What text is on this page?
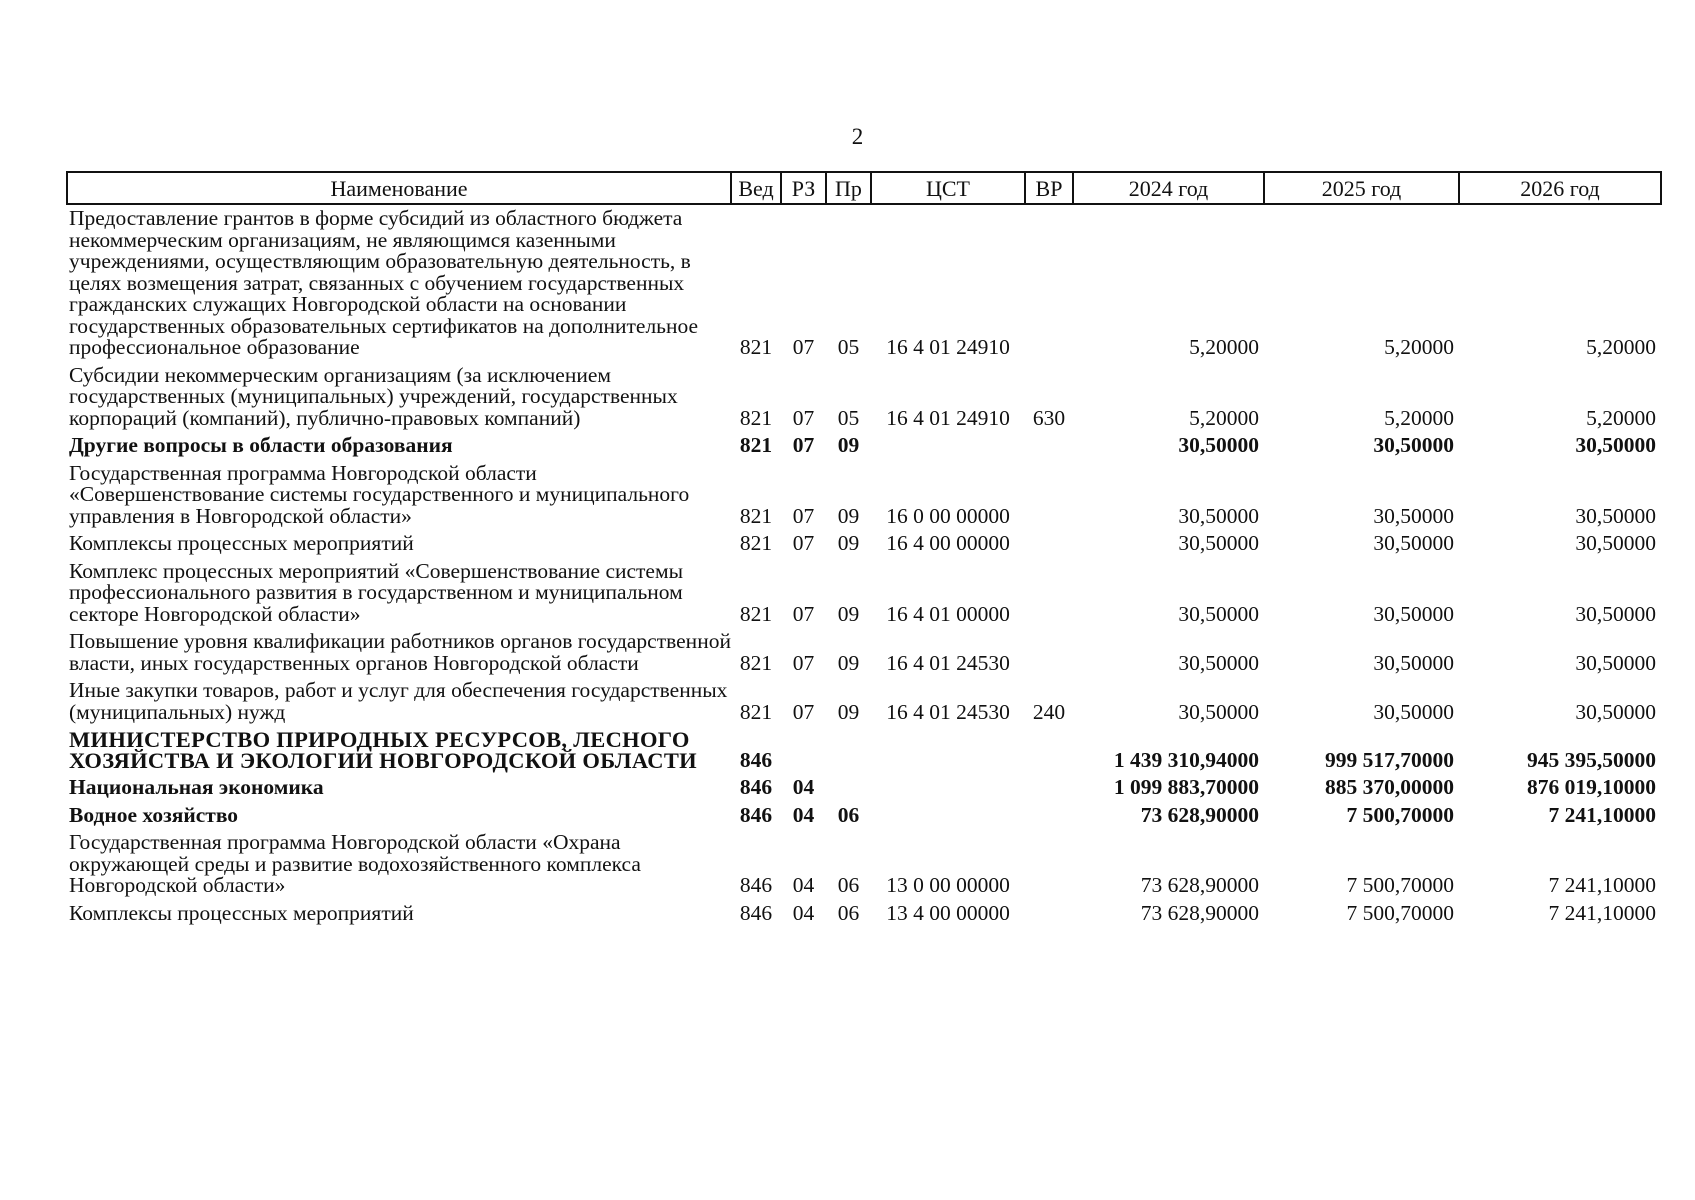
2
Наименование	Вед	РЗ	Пр	ЦСТ	ВР	2024 год	2025 год	2026 год
Предоставление грантов в форме субсидий из областного бюджета некоммерческим организациям, не являющимся казенными учреждениями, осуществляющим образовательную деятельность, в целях возмещения затрат, связанных с обучением государственных гражданских служащих Новгородской области на основании государственных образовательных сертификатов на дополнительное профессиональное образование	821	07	05	16 4 01 24910		5,20000	5,20000	5,20000
Субсидии некоммерческим организациям (за исключением государственных (муниципальных) учреждений, государственных корпораций (компаний), публично-правовых компаний)	821	07	05	16 4 01 24910	630	5,20000	5,20000	5,20000
Другие вопросы в области образования	821	07	09			30,50000	30,50000	30,50000
Государственная программа Новгородской области «Совершенствование системы государственного и муниципального управления в Новгородской области»	821	07	09	16 0 00 00000		30,50000	30,50000	30,50000
Комплексы процессных мероприятий	821	07	09	16 4 00 00000		30,50000	30,50000	30,50000
Комплекс процессных мероприятий «Совершенствование системы профессионального развития в государственном и муниципальном секторе Новгородской области»	821	07	09	16 4 01 00000		30,50000	30,50000	30,50000
Повышение уровня квалификации работников органов государственной власти, иных государственных органов Новгородской области	821	07	09	16 4 01 24530		30,50000	30,50000	30,50000
Иные закупки товаров, работ и услуг для обеспечения государственных (муниципальных) нужд	821	07	09	16 4 01 24530	240	30,50000	30,50000	30,50000
МИНИСТЕРСТВО ПРИРОДНЫХ РЕСУРСОВ, ЛЕСНОГО ХОЗЯЙСТВА И ЭКОЛОГИИ НОВГОРОДСКОЙ ОБЛАСТИ	846					1 439 310,94000	999 517,70000	945 395,50000
Национальная экономика	846	04				1 099 883,70000	885 370,00000	876 019,10000
Водное хозяйство	846	04	06			73 628,90000	7 500,70000	7 241,10000
Государственная программа Новгородской области «Охрана окружающей среды и развитие водохозяйственного комплекса Новгородской области»	846	04	06	13 0 00 00000		73 628,90000	7 500,70000	7 241,10000
Комплексы процессных мероприятий	846	04	06	13 4 00 00000		73 628,90000	7 500,70000	7 241,10000
